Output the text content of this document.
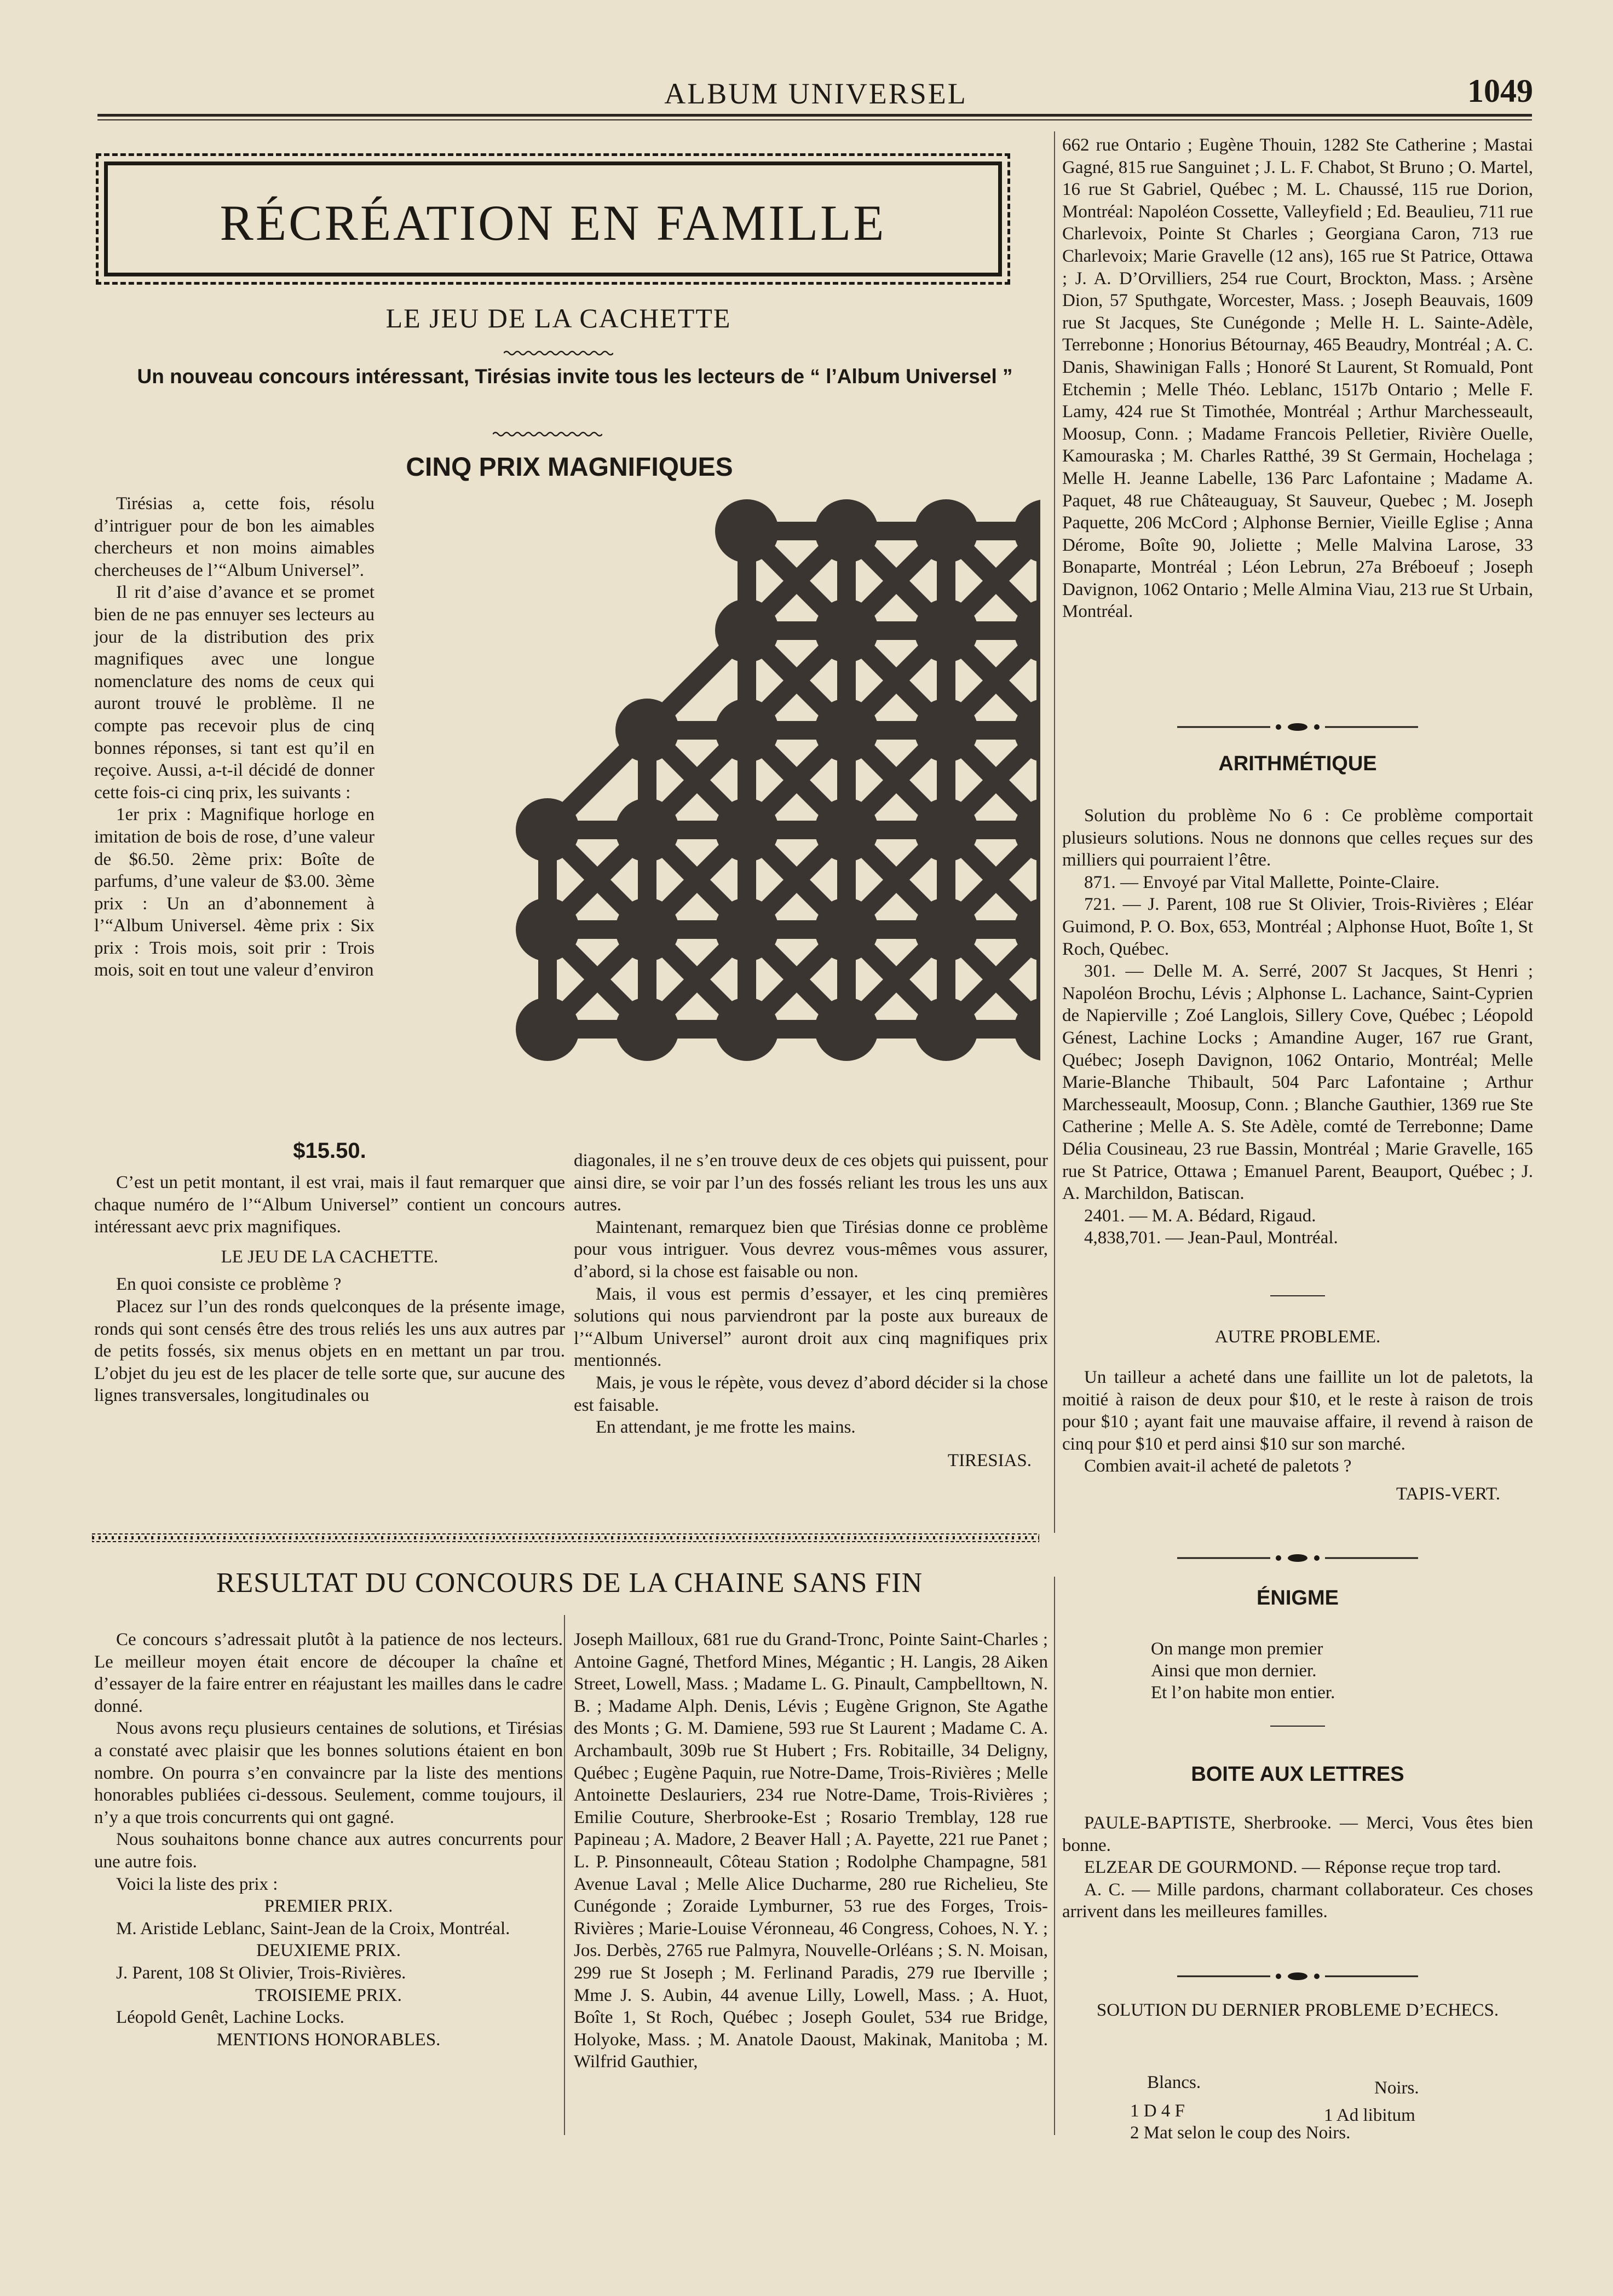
ALBUM UNIVERSEL	1049
RÉCRÉATION EN FAMILLE
LE JEU DE LA CACHETTE
Un nouveau concours intéressant, Tirésias invite tous les lecteurs de “ l’Album Universel ”
CINQ PRIX MAGNIFIQUES

Tirésias a, cette fois, résolu d’intriguer pour de bon les aimables chercheurs et non moins aimables chercheuses de l’“Album Universel”.

Il rit d’aise d’avance et se promet bien de ne pas ennuyer ses lecteurs au jour de la distribution des prix magnifiques avec une longue nomenclature des noms de ceux qui auront trouvé le problème. Il ne compte pas recevoir plus de cinq bonnes réponses, si tant est qu’il en reçoive. Aussi, a-t-il décidé de donner cette fois-ci cinq prix, les suivants :

1er prix : Magnifique horloge en imitation de bois de rose, d’une valeur de $6.50. 2ème prix: Boîte de parfums, d’une valeur de $3.00. 3ème prix : Un an d’abonnement à l’“Album Universel. 4ème prix : Six prix : Trois mois, soit prir : Trois mois, soit en tout une valeur d’environ

$15.50.

C’est un petit montant, il est vrai, mais il faut remarquer que chaque numéro de l’“Album Universel” contient un concours intéressant aevc prix magnifiques.

LE JEU DE LA CACHETTE.

En quoi consiste ce problème ?

Placez sur l’un des ronds quelconques de la présente image, ronds qui sont censés être des trous reliés les uns aux autres par de petits fossés, six menus objets en en mettant un par trou. L’objet du jeu est de les placer de telle sorte que, sur aucune des lignes transversales, longitudinales ou

diagonales, il ne s’en trouve deux de ces objets qui puissent, pour ainsi dire, se voir par l’un des fossés reliant les trous les uns aux autres.

Maintenant, remarquez bien que Tirésias donne ce problème pour vous intriguer. Vous devrez vous-mêmes vous assurer, d’abord, si la chose est faisable ou non.

Mais, il vous est permis d’essayer, et les cinq premières solutions qui nous parviendront par la poste aux bureaux de l’“Album Universel” auront droit aux cinq magnifiques prix mentionnés.

Mais, je vous le répète, vous devez d’abord décider si la chose est faisable.

En attendant, je me frotte les mains.

TIRESIAS.

RESULTAT DU CONCOURS DE LA CHAINE SANS FIN

Ce concours s’adressait plutôt à la patience de nos lecteurs. Le meilleur moyen était encore de découper la chaîne et d’essayer de la faire entrer en réajustant les mailles dans le cadre donné.

Nous avons reçu plusieurs centaines de solutions, et Tirésias a constaté avec plaisir que les bonnes solutions étaient en bon nombre. On pourra s’en convaincre par la liste des mentions honorables publiées ci-dessous. Seulement, comme toujours, il n’y a que trois concurrents qui ont gagné.

Nous souhaitons bonne chance aux autres concurrents pour une autre fois.

Voici la liste des prix :

PREMIER PRIX.

M. Aristide Leblanc, Saint-Jean de la Croix, Montréal.

DEUXIEME PRIX.

J. Parent, 108 St Olivier, Trois-Rivières.

TROISIEME PRIX.

Léopold Genêt, Lachine Locks.

MENTIONS HONORABLES.

Joseph Mailloux, 681 rue du Grand-Tronc, Pointe Saint-Charles ; Antoine Gagné, Thetford Mines, Mégantic ; H. Langis, 28 Aiken Street, Lowell, Mass. ; Madame L. G. Pinault, Campbelltown, N. B. ; Madame Alph. Denis, Lévis ; Eugène Grignon, Ste Agathe des Monts ; G. M. Damiene, 593 rue St Laurent ; Madame C. A. Archambault, 309b rue St Hubert ; Frs. Robitaille, 34 Deligny, Québec ; Eugène Paquin, rue Notre-Dame, Trois-Rivières ; Melle Antoinette Deslauriers, 234 rue Notre-Dame, Trois-Rivières ; Emilie Couture, Sherbrooke-Est ; Rosario Tremblay, 128 rue Papineau ; A. Madore, 2 Beaver Hall ; A. Payette, 221 rue Panet ; L. P. Pinsonneault, Côteau Station ; Rodolphe Champagne, 581 Avenue Laval ; Melle Alice Ducharme, 280 rue Richelieu, Ste Cunégonde ; Zoraide Lymburner, 53 rue des Forges, Trois-Rivières ; Marie-Louise Véronneau, 46 Congress, Cohoes, N. Y. ; Jos. Derbès, 2765 rue Palmyra, Nouvelle-Orléans ; S. N. Moisan, 299 rue St Joseph ; M. Ferlinand Paradis, 279 rue Iberville ; Mme J. S. Aubin, 44 avenue Lilly, Lowell, Mass. ; A. Huot, Boîte 1, St Roch, Québec ; Joseph Goulet, 534 rue Bridge, Holyoke, Mass. ; M. Anatole Daoust, Makinak, Manitoba ; M. Wilfrid Gauthier,

662 rue Ontario ; Eugène Thouin, 1282 Ste Catherine ; Mastai Gagné, 815 rue Sanguinet ; J. L. F. Chabot, St Bruno ; O. Martel, 16 rue St Gabriel, Québec ; M. L. Chaussé, 115 rue Dorion, Montréal: Napoléon Cossette, Valleyfield ; Ed. Beaulieu, 711 rue Charlevoix, Pointe St Charles ; Georgiana Caron, 713 rue Charlevoix; Marie Gravelle (12 ans), 165 rue St Patrice, Ottawa ; J. A. D’Orvilliers, 254 rue Court, Brockton, Mass. ; Arsène Dion, 57 Sputhgate, Worcester, Mass. ; Joseph Beauvais, 1609 rue St Jacques, Ste Cunégonde ; Melle H. L. Sainte-Adèle, Terrebonne ; Honorius Bétournay, 465 Beaudry, Montréal ; A. C. Danis, Shawinigan Falls ; Honoré St Laurent, St Romuald, Pont Etchemin ; Melle Théo. Leblanc, 1517b Ontario ; Melle F. Lamy, 424 rue St Timothée, Montréal ; Arthur Marchesseault, Moosup, Conn. ; Madame Francois Pelletier, Rivière Ouelle, Kamouraska ; M. Charles Ratthé, 39 St Germain, Hochelaga ; Melle H. Jeanne Labelle, 136 Parc Lafontaine ; Madame A. Paquet, 48 rue Châteauguay, St Sauveur, Quebec ; M. Joseph Paquette, 206 McCord ; Alphonse Bernier, Vieille Eglise ; Anna Dérome, Boîte 90, Joliette ; Melle Malvina Larose, 33 Bonaparte, Montréal ; Léon Lebrun, 27a Bréboeuf ; Joseph Davignon, 1062 Ontario ; Melle Almina Viau, 213 rue St Urbain, Montréal.

ARITHMÉTIQUE

Solution du problème No 6 : Ce problème comportait plusieurs solutions. Nous ne donnons que celles reçues sur des milliers qui pourraient l’être.

871. — Envoyé par Vital Mallette, Pointe-Claire.

721. — J. Parent, 108 rue St Olivier, Trois-Rivières ; Eléar Guimond, P. O. Box, 653, Montréal ; Alphonse Huot, Boîte 1, St Roch, Québec.

301. — Delle M. A. Serré, 2007 St Jacques, St Henri ; Napoléon Brochu, Lévis ; Alphonse L. Lachance, Saint-Cyprien de Napierville ; Zoé Langlois, Sillery Cove, Québec ; Léopold Génest, Lachine Locks ; Amandine Auger, 167 rue Grant, Québec; Joseph Davignon, 1062 Ontario, Montréal; Melle Marie-Blanche Thibault, 504 Parc Lafontaine ; Arthur Marchesseault, Moosup, Conn. ; Blanche Gauthier, 1369 rue Ste Catherine ; Melle A. S. Ste Adèle, comté de Terrebonne; Dame Délia Cousineau, 23 rue Bassin, Montréal ; Marie Gravelle, 165 rue St Patrice, Ottawa ; Emanuel Parent, Beauport, Québec ; J. A. Marchildon, Batiscan.

2401. — M. A. Bédard, Rigaud.

4,838,701. — Jean-Paul, Montréal.

AUTRE PROBLEME.

Un tailleur a acheté dans une faillite un lot de paletots, la moitié à raison de deux pour $10, et le reste à raison de trois pour $10 ; ayant fait une mauvaise affaire, il revend à raison de cinq pour $10 et perd ainsi $10 sur son marché.

Combien avait-il acheté de paletots ?

TAPIS-VERT.

ÉNIGME
On mange mon premier
Ainsi que mon dernier.
Et l’on habite mon entier.
BOITE AUX LETTRES

PAULE-BAPTISTE, Sherbrooke. — Merci, Vous êtes bien bonne.

ELZEAR DE GOURMOND. — Réponse reçue trop tard.

A. C. — Mille pardons, charmant collaborateur. Ces choses arrivent dans les meilleures familles.

SOLUTION DU DERNIER PROBLEME D’ECHECS.
Blancs.	Noirs.
1 D 4 F
2 Mat selon le coup des Noirs.
1 Ad libitum
